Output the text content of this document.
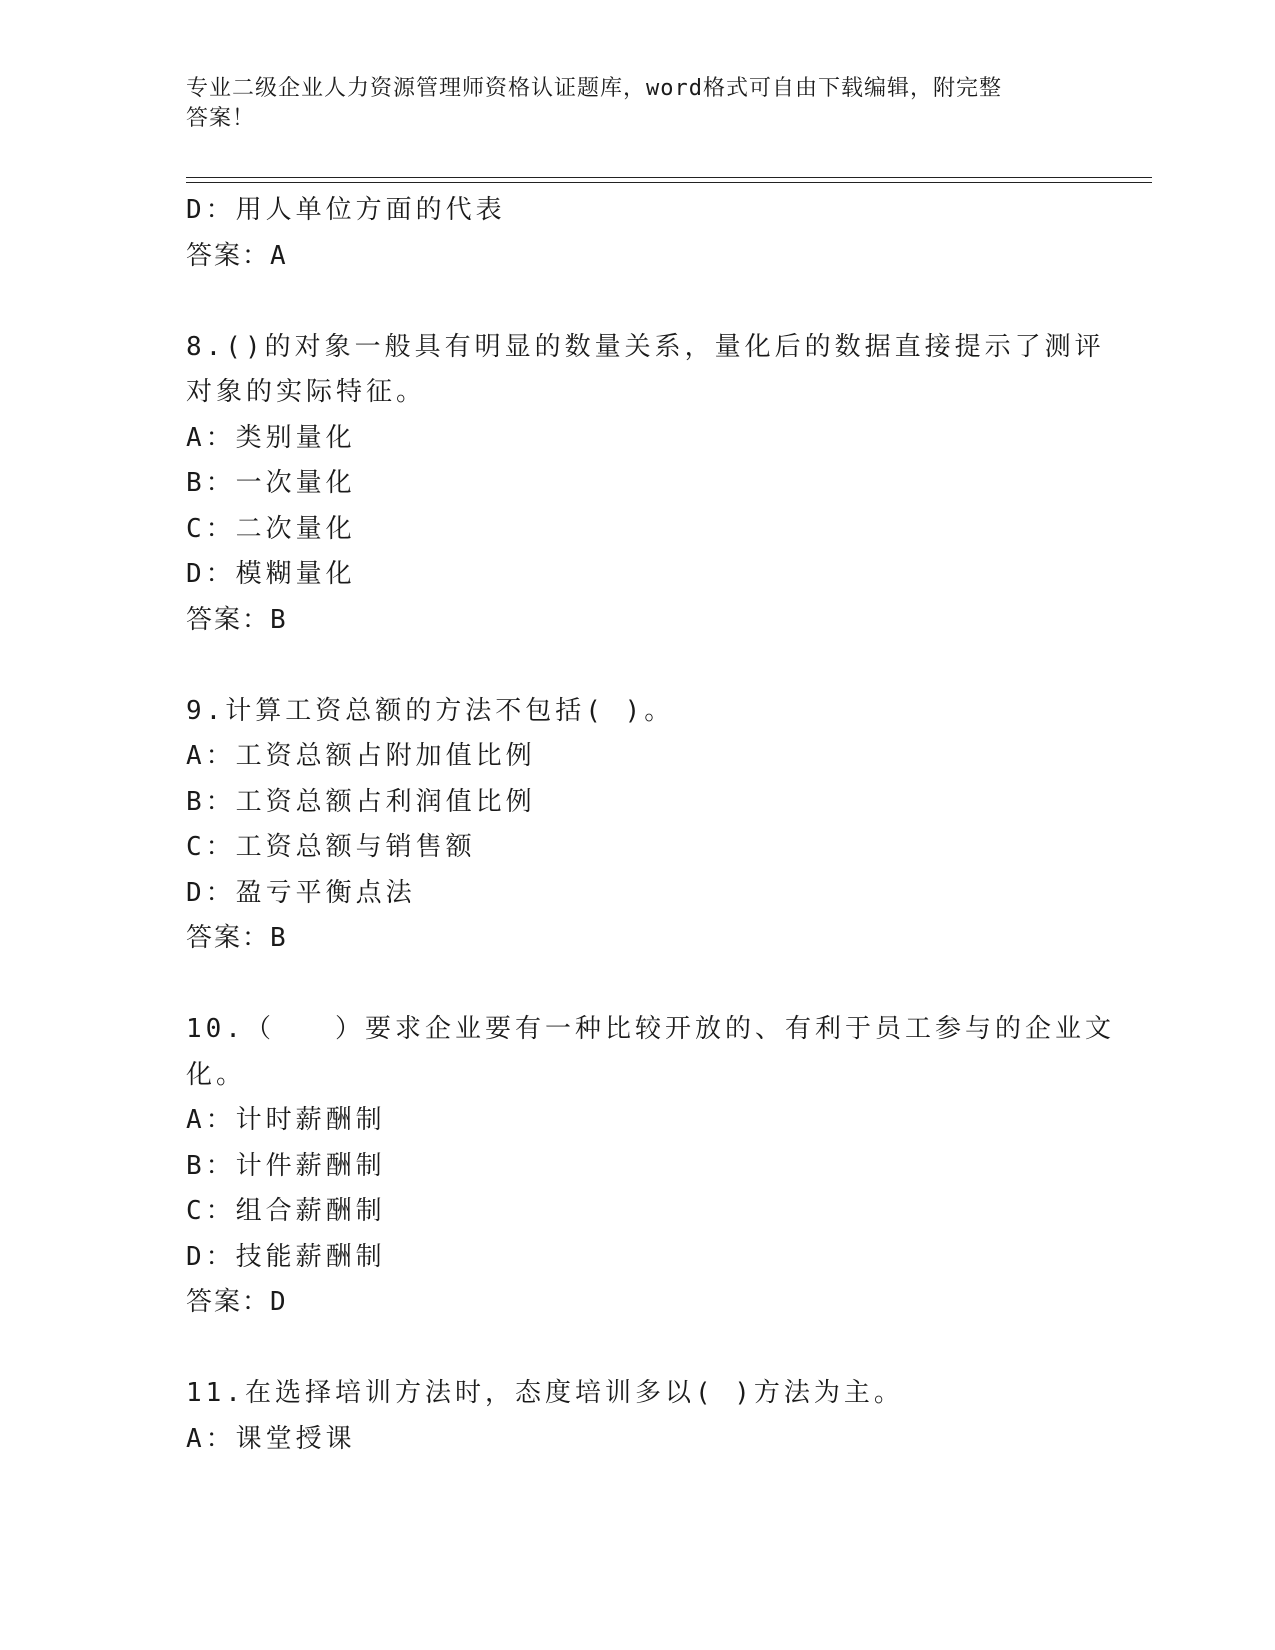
专业二级企业人力资源管理师资格认证题库，word格式可自由下载编辑，附完整
答案！
D：用人单位方面的代表
答案：A
8.()的对象一般具有明显的数量关系，量化后的数据直接提示了测评
对象的实际特征。
A：类别量化
B：一次量化
C：二次量化
D：模糊量化
答案：B
9.计算工资总额的方法不包括( )。
A：工资总额占附加值比例
B：工资总额占利润值比例
C：工资总额与销售额
D：盈亏平衡点法
答案：B
10.（　　）要求企业要有一种比较开放的、有利于员工参与的企业文
化。
A：计时薪酬制
B：计件薪酬制
C：组合薪酬制
D：技能薪酬制
答案：D
11.在选择培训方法时，态度培训多以( )方法为主。
A：课堂授课
